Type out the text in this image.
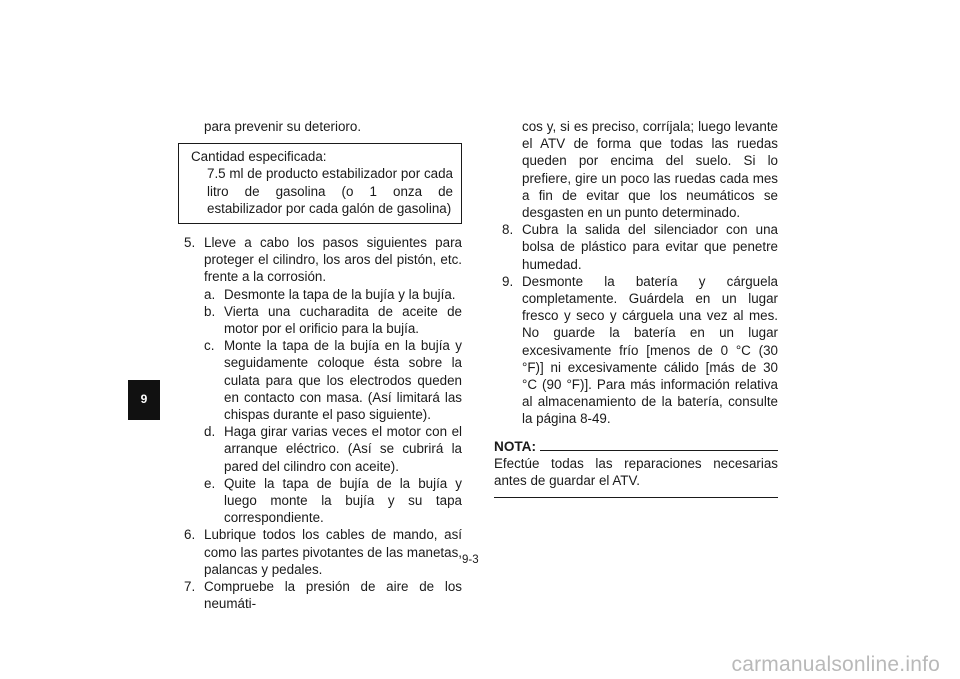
9

para prevenir su deterioro.

Cantidad especificada:
7.5 ml de producto estabilizador por cada litro de gasolina (o 1 onza de estabilizador por cada galón de gasolina)
5. Lleve a cabo los pasos siguientes para proteger el cilindro, los aros del pistón, etc. frente a la corrosión.
a. Desmonte la tapa de la bujía y la bujía.
b. Vierta una cucharadita de aceite de motor por el orificio para la bujía.
c. Monte la tapa de la bujía en la bujía y seguidamente coloque ésta sobre la culata para que los electrodos queden en contacto con masa. (Así limitará las chispas durante el paso siguiente).
d. Haga girar varias veces el motor con el arranque eléctrico. (Así se cubrirá la pared del cilindro con aceite).
e. Quite la tapa de bujía de la bujía y luego monte la bujía y su tapa correspondiente.
6. Lubrique todos los cables de mando, así como las partes pivotantes de las manetas, palancas y pedales.
7. Compruebe la presión de aire de los neumáti-

cos y, si es preciso, corríjala; luego levante el ATV de forma que todas las ruedas queden por encima del suelo. Si lo prefiere, gire un poco las ruedas cada mes a fin de evitar que los neumáticos se desgasten en un punto determinado.

8. Cubra la salida del silenciador con una bolsa de plástico para evitar que penetre humedad.
9. Desmonte la batería y cárguela completamente. Guárdela en un lugar fresco y seco y cárguela una vez al mes. No guarde la batería en un lugar excesivamente frío [menos de 0 °C (30 °F)] ni excesivamente cálido [más de 30 °C (90 °F)]. Para más información relativa al almacenamiento de la batería, consulte la página 8-49.
NOTA:
Efectúe todas las reparaciones necesarias antes de guardar el ATV.
9-3
carmanualsonline.info
